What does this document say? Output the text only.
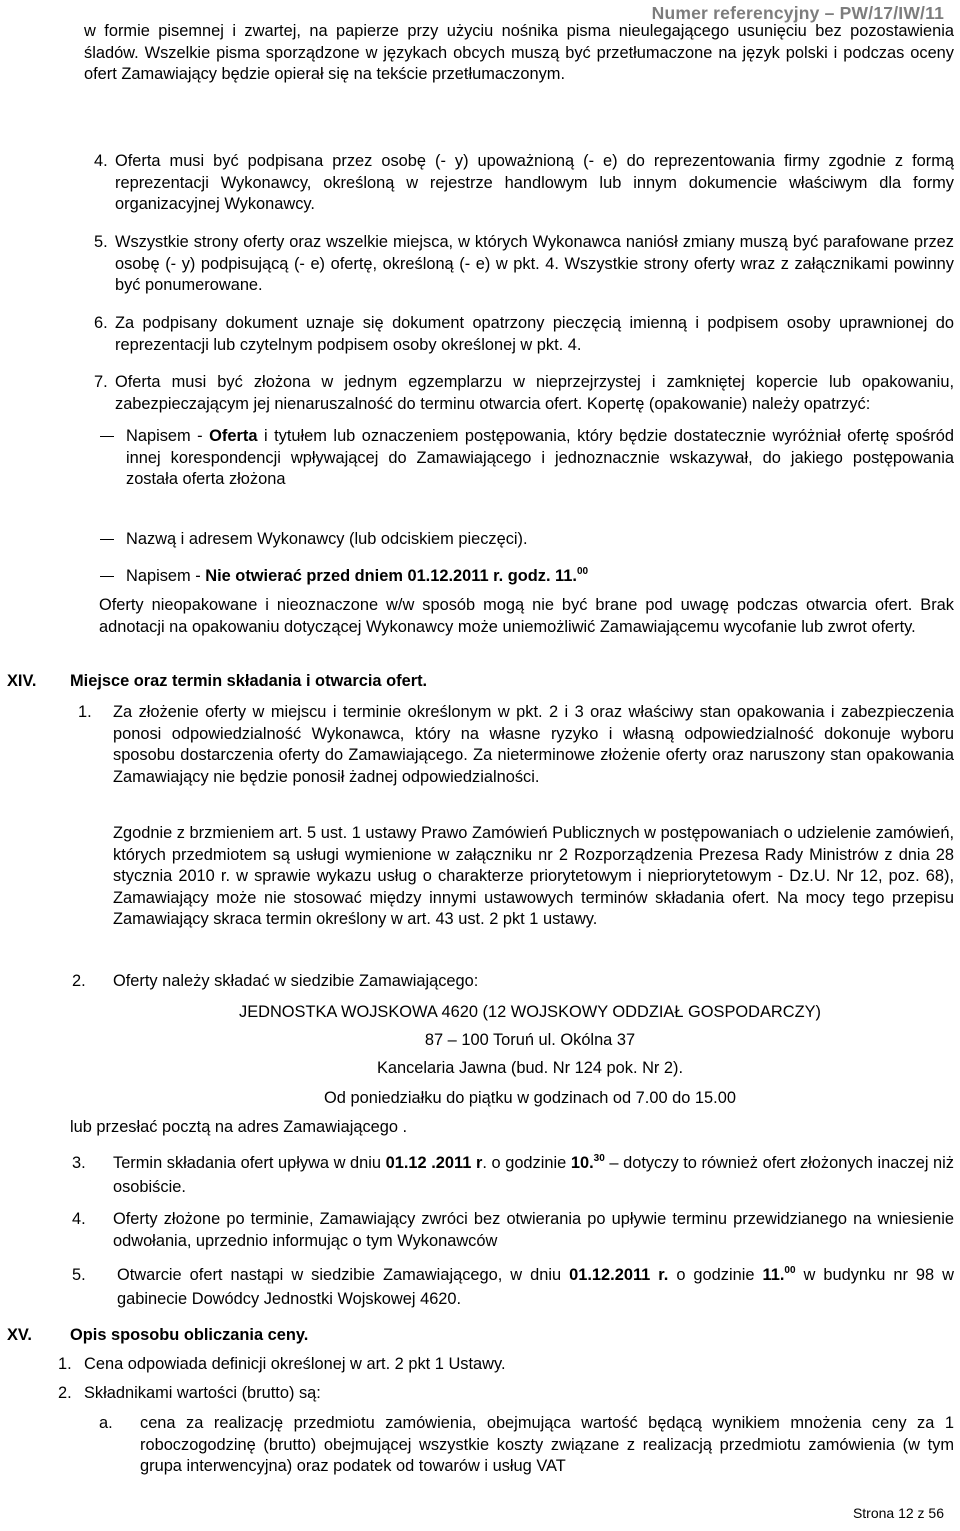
Numer referencyjny – PW/17/IW/11
w formie pisemnej i zwartej, na papierze przy użyciu nośnika pisma nieulegającego usunięciu bez pozostawienia śladów. Wszelkie pisma sporządzone w językach obcych muszą być przetłumaczone na język polski i podczas oceny ofert Zamawiający będzie opierał się na tekście przetłumaczonym.
4. Oferta musi być podpisana przez osobę (- y) upoważnioną (- e) do reprezentowania firmy zgodnie z formą reprezentacji Wykonawcy, określoną w rejestrze handlowym lub innym dokumencie właściwym dla formy organizacyjnej Wykonawcy.
5. Wszystkie strony oferty oraz wszelkie miejsca, w których Wykonawca naniósł zmiany muszą być parafowane przez osobę (- y) podpisującą (- e) ofertę, określoną (- e) w pkt. 4. Wszystkie strony oferty wraz z załącznikami powinny być ponumerowane.
6. Za podpisany dokument uznaje się dokument opatrzony pieczęcią imienną i podpisem osoby uprawnionej do reprezentacji lub czytelnym podpisem osoby określonej w pkt. 4.
7. Oferta musi być złożona w jednym egzemplarzu w nieprzejrzystej i zamkniętej kopercie lub opakowaniu, zabezpieczającym jej nienaruszalność do terminu otwarcia ofert. Kopertę (opakowanie) należy opatrzyć:
Napisem - Oferta i tytułem lub oznaczeniem postępowania, który będzie dostatecznie wyróżniał ofertę spośród innej korespondencji wpływającej do Zamawiającego i jednoznacznie wskazywał, do jakiego postępowania została oferta złożona
Nazwą i adresem Wykonawcy (lub odciskiem pieczęci).
Napisem - Nie otwierać przed dniem 01.12.2011 r. godz. 11.00
Oferty nieopakowane i nieoznaczone w/w sposób mogą nie być brane pod uwagę podczas otwarcia ofert. Brak adnotacji na opakowaniu dotyczącej Wykonawcy może uniemożliwić Zamawiającemu wycofanie lub zwrot oferty.
XIV. Miejsce oraz termin składania i otwarcia ofert.
1. Za złożenie oferty w miejscu i terminie określonym w pkt. 2 i 3 oraz właściwy stan opakowania i zabezpieczenia ponosi odpowiedzialność Wykonawca, który na własne ryzyko i własną odpowiedzialność dokonuje wyboru sposobu dostarczenia oferty do Zamawiającego. Za nieterminowe złożenie oferty oraz naruszony stan opakowania Zamawiający nie będzie ponosił żadnej odpowiedzialności.
Zgodnie z brzmieniem art. 5 ust. 1 ustawy Prawo Zamówień Publicznych w postępowaniach o udzielenie zamówień, których przedmiotem są usługi wymienione w załączniku nr 2 Rozporządzenia Prezesa Rady Ministrów z dnia 28 stycznia 2010 r. w sprawie wykazu usług o charakterze priorytetowym i niepriorytetowym - Dz.U. Nr 12, poz. 68), Zamawiający może nie stosować między innymi ustawowych terminów składania ofert. Na mocy tego przepisu Zamawiający skraca termin określony w art. 43 ust. 2 pkt 1 ustawy.
2. Oferty należy składać w siedzibie Zamawiającego:
JEDNOSTKA WOJSKOWA 4620 (12 WOJSKOWY ODDZIAŁ GOSPODARCZY)
87 – 100 Toruń ul. Okólna 37
Kancelaria Jawna (bud. Nr 124 pok. Nr 2).
Od poniedziałku do piątku w godzinach od 7.00 do 15.00
lub przesłać pocztą na adres Zamawiającego .
3. Termin składania ofert upływa w dniu 01.12 .2011 r. o godzinie 10.30 – dotyczy to również ofert złożonych inaczej niż osobiście.
4. Oferty złożone po terminie, Zamawiający zwróci bez otwierania po upływie terminu przewidzianego na wniesienie odwołania, uprzednio informując o tym Wykonawców
5. Otwarcie ofert nastąpi w siedzibie Zamawiającego, w dniu 01.12.2011 r. o godzinie 11.00 w budynku nr 98 w gabinecie Dowódcy Jednostki Wojskowej 4620.
XV. Opis sposobu obliczania ceny.
1. Cena odpowiada definicji określonej w art. 2 pkt 1 Ustawy.
2. Składnikami wartości (brutto) są:
a. cena za realizację przedmiotu zamówienia, obejmująca wartość będącą wynikiem mnożenia ceny za 1 roboczogodzinę (brutto) obejmującej wszystkie koszty związane z realizacją przedmiotu zamówienia (w tym grupa interwencyjna) oraz podatek od towarów i usług VAT
Strona 12 z 56
